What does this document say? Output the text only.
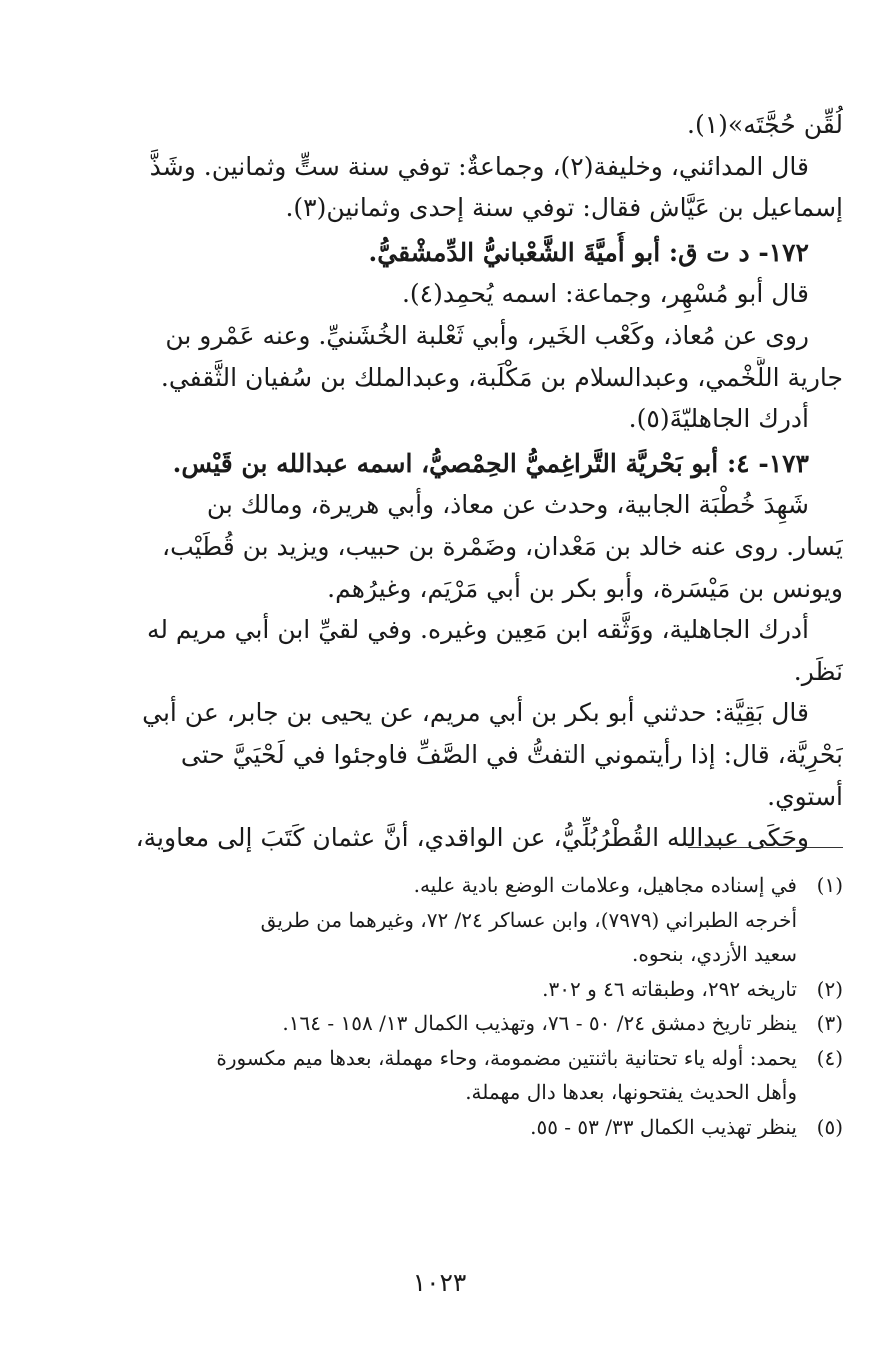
لُقِّن حُجَّتَه»(١).
قال المدائني، وخليفة(٢)، وجماعةٌ: توفي سنة ستٍّ وثمانين. وشَذَّ
إسماعيل بن عَيَّاش فقال: توفي سنة إحدى وثمانين(٣).
١٧٢- د ت ق: أبو أُميَّةَ الشَّعْبانيُّ الدِّمشْقيُّ.
قال أبو مُسْهِر، وجماعة: اسمه يُحمِد(٤).
روى عن مُعاذ، وكَعْب الخَير، وأبي ثَعْلبة الخُشَنيِّ. وعنه عَمْرو بن
جارية اللَّخْمي، وعبدالسلام بن مَكْلَبة، وعبدالملك بن سُفيان الثَّقفي.
أدرك الجاهليّةَ(٥).
١٧٣- ٤: أبو بَحْريَّة التَّراغِميُّ الحِمْصيُّ، اسمه عبدالله بن قَيْس.
شَهِدَ خُطْبَة الجابية، وحدث عن معاذ، وأبي هريرة، ومالك بن
يَسار. روى عنه خالد بن مَعْدان، وضَمْرة بن حبيب، ويزيد بن قُطَيْب،
ويونس بن مَيْسَرة، وأبو بكر بن أبي مَرْيَم، وغيرُهم.
أدرك الجاهلية، ووَثَّقه ابن مَعِين وغيره. وفي لقيِّ ابن أبي مريم له
نَظَر.
قال بَقِيَّة: حدثني أبو بكر بن أبي مريم، عن يحيى بن جابر، عن أبي
بَحْرِيَّة، قال: إذا رأيتموني التفتُّ في الصَّفِّ فاوجئوا في لَحْيَيَّ حتى
أستوي.
وحَكَى عبدالله القُطْرُبُلِّيُّ، عن الواقدي، أنَّ عثمان كَتَبَ إلى معاوية،
(١)
في إسناده مجاهيل، وعلامات الوضع بادية عليه.
أخرجه الطبراني (٧٩٧٩)، وابن عساكر ٢٤/ ٧٢، وغيرهما من طريق
سعيد الأزدي، بنحوه.
(٢)
تاريخه ٢٩٢، وطبقاته ٤٦ و ٣٠٢.
(٣)
ينظر تاريخ دمشق ٢٤/ ٥٠ - ٧٦، وتهذيب الكمال ١٣/ ١٥٨ - ١٦٤.
(٤)
يحمد: أوله ياء تحتانية باثنتين مضمومة، وحاء مهملة، بعدها ميم مكسورة
وأهل الحديث يفتحونها، بعدها دال مهملة.
(٥)
ينظر تهذيب الكمال ٣٣/ ٥٣ - ٥٥.
١٠٢٣
